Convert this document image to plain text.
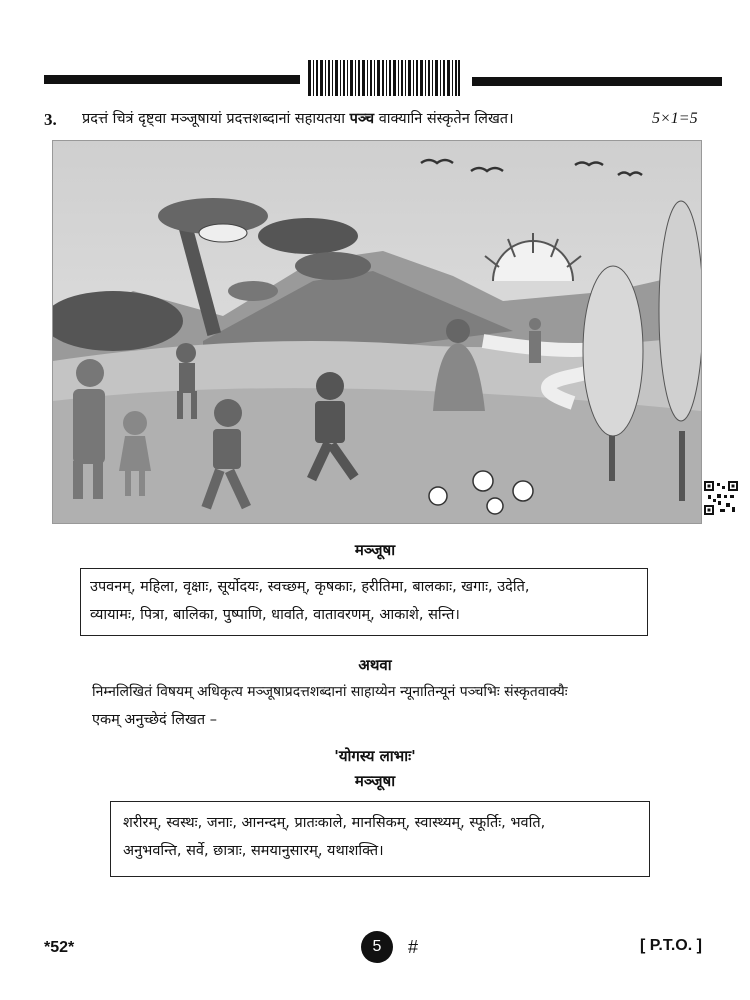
3. प्रदत्तं चित्रं दृष्ट्वा मञ्जूषायां प्रदत्तशब्दानां सहायतया पञ्च वाक्यानि संस्कृतेन लिखत।	5×1=5
मञ्जूषा
उपवनम्, महिला, वृक्षाः, सूर्योदयः, स्वच्छम्, कृषकाः, हरीतिमा, बालकाः, खगाः, उदेति,
व्यायामः, पित्रा, बालिका, पुष्पाणि, धावति, वातावरणम्, आकाशे, सन्ति।
अथवा
निम्नलिखितं विषयम् अधिकृत्य मञ्जूषाप्रदत्तशब्दानां साहाय्येन न्यूनातिन्यूनं पञ्चभिः संस्कृतवाक्यैः
एकम् अनुच्छेदं लिखत –
'योगस्य लाभाः'
मञ्जूषा
शरीरम्, स्वस्थः, जनाः, आनन्दम्, प्रातःकाले, मानसिकम्, स्वास्थ्यम्, स्फूर्तिः, भवति,
अनुभवन्ति, सर्वे, छात्राः, समयानुसारम्, यथाशक्ति।
*52*	5	#	[ P.T.O. ]
